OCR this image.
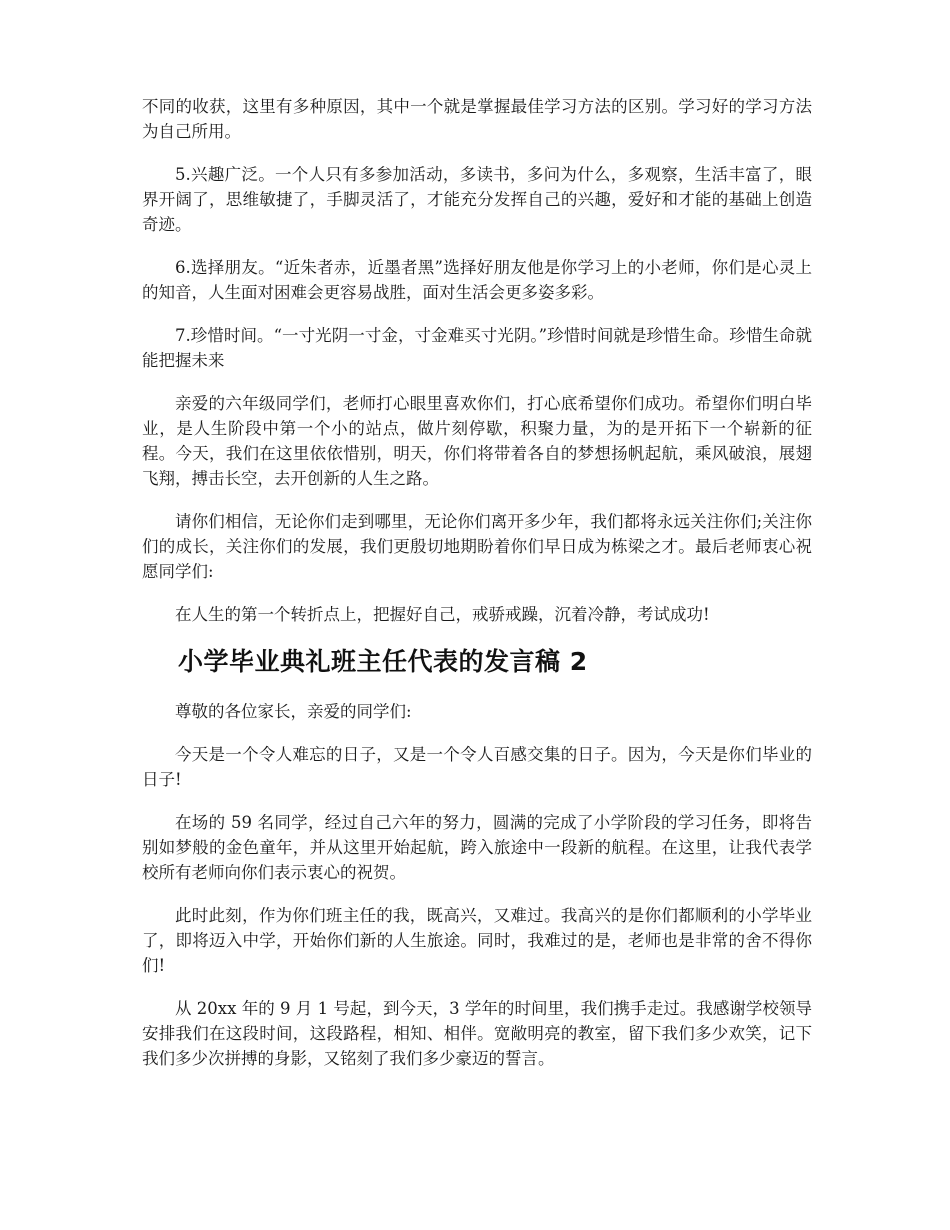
不同的收获，这里有多种原因，其中一个就是掌握最佳学习方法的区别。学习好的学习方法为自己所用。

5.兴趣广泛。一个人只有多参加活动，多读书，多问为什么，多观察，生活丰富了，眼界开阔了，思维敏捷了，手脚灵活了，才能充分发挥自己的兴趣，爱好和才能的基础上创造奇迹。

6.选择朋友。“近朱者赤，近墨者黑”选择好朋友他是你学习上的小老师，你们是心灵上的知音，人生面对困难会更容易战胜，面对生活会更多姿多彩。

7.珍惜时间。“一寸光阴一寸金，寸金难买寸光阴。”珍惜时间就是珍惜生命。珍惜生命就能把握未来

亲爱的六年级同学们，老师打心眼里喜欢你们，打心底希望你们成功。希望你们明白毕业，是人生阶段中第一个小的站点，做片刻停歇，积聚力量，为的是开拓下一个崭新的征程。今天，我们在这里依依惜别，明天，你们将带着各自的梦想扬帆起航，乘风破浪，展翅飞翔，搏击长空，去开创新的人生之路。

请你们相信，无论你们走到哪里，无论你们离开多少年，我们都将永远关注你们;关注你们的成长，关注你们的发展，我们更殷切地期盼着你们早日成为栋梁之才。最后老师衷心祝愿同学们:

在人生的第一个转折点上，把握好自己，戒骄戒躁，沉着冷静，考试成功!

小学毕业典礼班主任代表的发言稿 2

尊敬的各位家长，亲爱的同学们:

今天是一个令人难忘的日子，又是一个令人百感交集的日子。因为，今天是你们毕业的日子!

在场的 59 名同学，经过自己六年的努力，圆满的完成了小学阶段的学习任务，即将告别如梦般的金色童年，并从这里开始起航，跨入旅途中一段新的航程。在这里，让我代表学校所有老师向你们表示衷心的祝贺。

此时此刻，作为你们班主任的我，既高兴，又难过。我高兴的是你们都顺利的小学毕业了，即将迈入中学，开始你们新的人生旅途。同时，我难过的是，老师也是非常的舍不得你们!

从 20xx 年的 9 月 1 号起，到今天，3 学年的时间里，我们携手走过。我感谢学校领导安排我们在这段时间，这段路程，相知、相伴。宽敞明亮的教室，留下我们多少欢笑，记下我们多少次拼搏的身影，又铭刻了我们多少豪迈的誓言。
